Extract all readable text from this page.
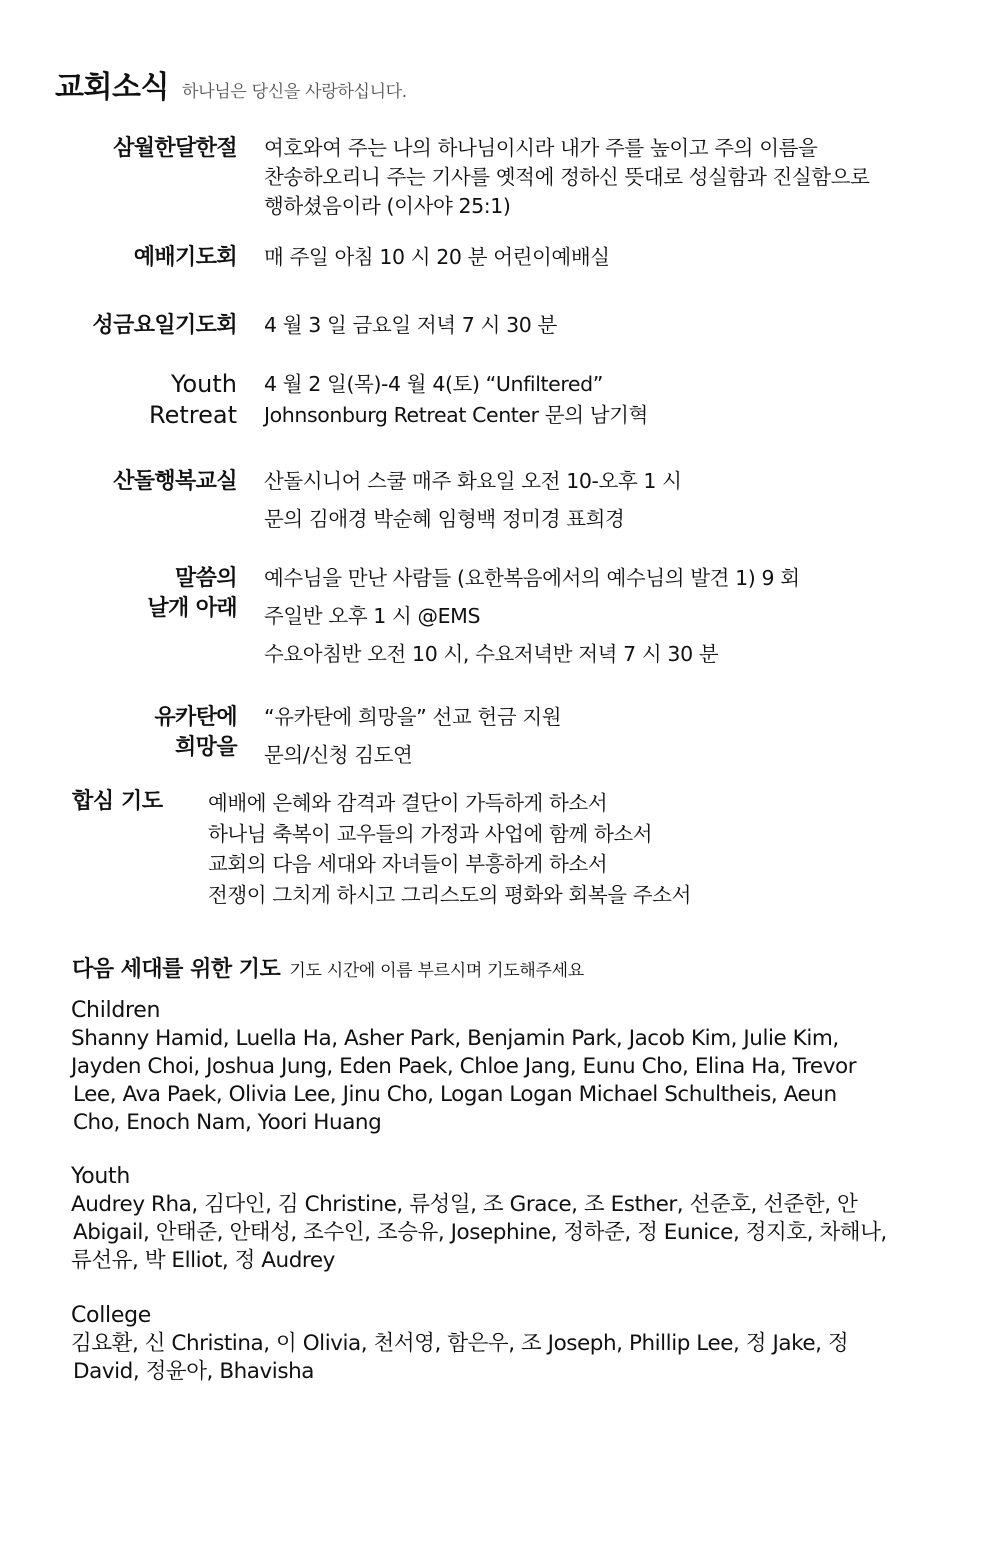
교회소식 하나님은 당신을 사랑하십니다.
삼월한달한절 여호와여 주는 나의 하나님이시라 내가 주를 높이고 주의 이름을
찬송하오리니 주는 기사를 옛적에 정하신 뜻대로 성실함과 진실함으로
행하셨음이라 (이사야 25:1)
예배기도회 매 주일 아침 10 시 20 분 어린이예배실
성금요일기도회 4 월 3 일 금요일 저녁 7 시 30 분
Youth
Retreat
4 월 2 일(목)-4 월 4(토) “Unfiltered”
Johnsonburg Retreat Center 문의 남기혁
산돌행복교실 산돌시니어 스쿨 매주 화요일 오전 10-오후 1 시
문의 김애경 박순혜 임형백 정미경 표희경
말씀의
날개 아래
예수님을 만난 사람들 (요한복음에서의 예수님의 발견 1) 9 회
주일반 오후 1 시 @EMS
수요아침반 오전 10 시, 수요저녁반 저녁 7 시 30 분
유카탄에
희망을
“유카탄에 희망을” 선교 헌금 지원
문의/신청 김도연
합심 기도 예배에 은혜와 감격과 결단이 가득하게 하소서
하나님 축복이 교우들의 가정과 사업에 함께 하소서
교회의 다음 세대와 자녀들이 부흥하게 하소서
전쟁이 그치게 하시고 그리스도의 평화와 회복을 주소서
다음 세대를 위한 기도 기도 시간에 이름 부르시며 기도해주세요
Children
Shanny Hamid, Luella Ha, Asher Park, Benjamin Park, Jacob Kim, Julie Kim,
Jayden Choi, Joshua Jung, Eden Paek, Chloe Jang, Eunu Cho, Elina Ha, Trevor
Lee, Ava Paek, Olivia Lee, Jinu Cho, Logan Logan Michael Schultheis, Aeun
Cho, Enoch Nam, Yoori Huang
Youth
Audrey Rha, 김다인, 김 Christine, 류성일, 조 Grace, 조 Esther, 선준호, 선준한, 안
Abigail, 안태준, 안태성, 조수인, 조승유, Josephine, 정하준, 정 Eunice, 정지호, 차해나,
류선유, 박 Elliot, 정 Audrey
College
김요환, 신 Christina, 이 Olivia, 천서영, 함은우, 조 Joseph, Phillip Lee, 정 Jake, 정
David, 정윤아, Bhavisha
